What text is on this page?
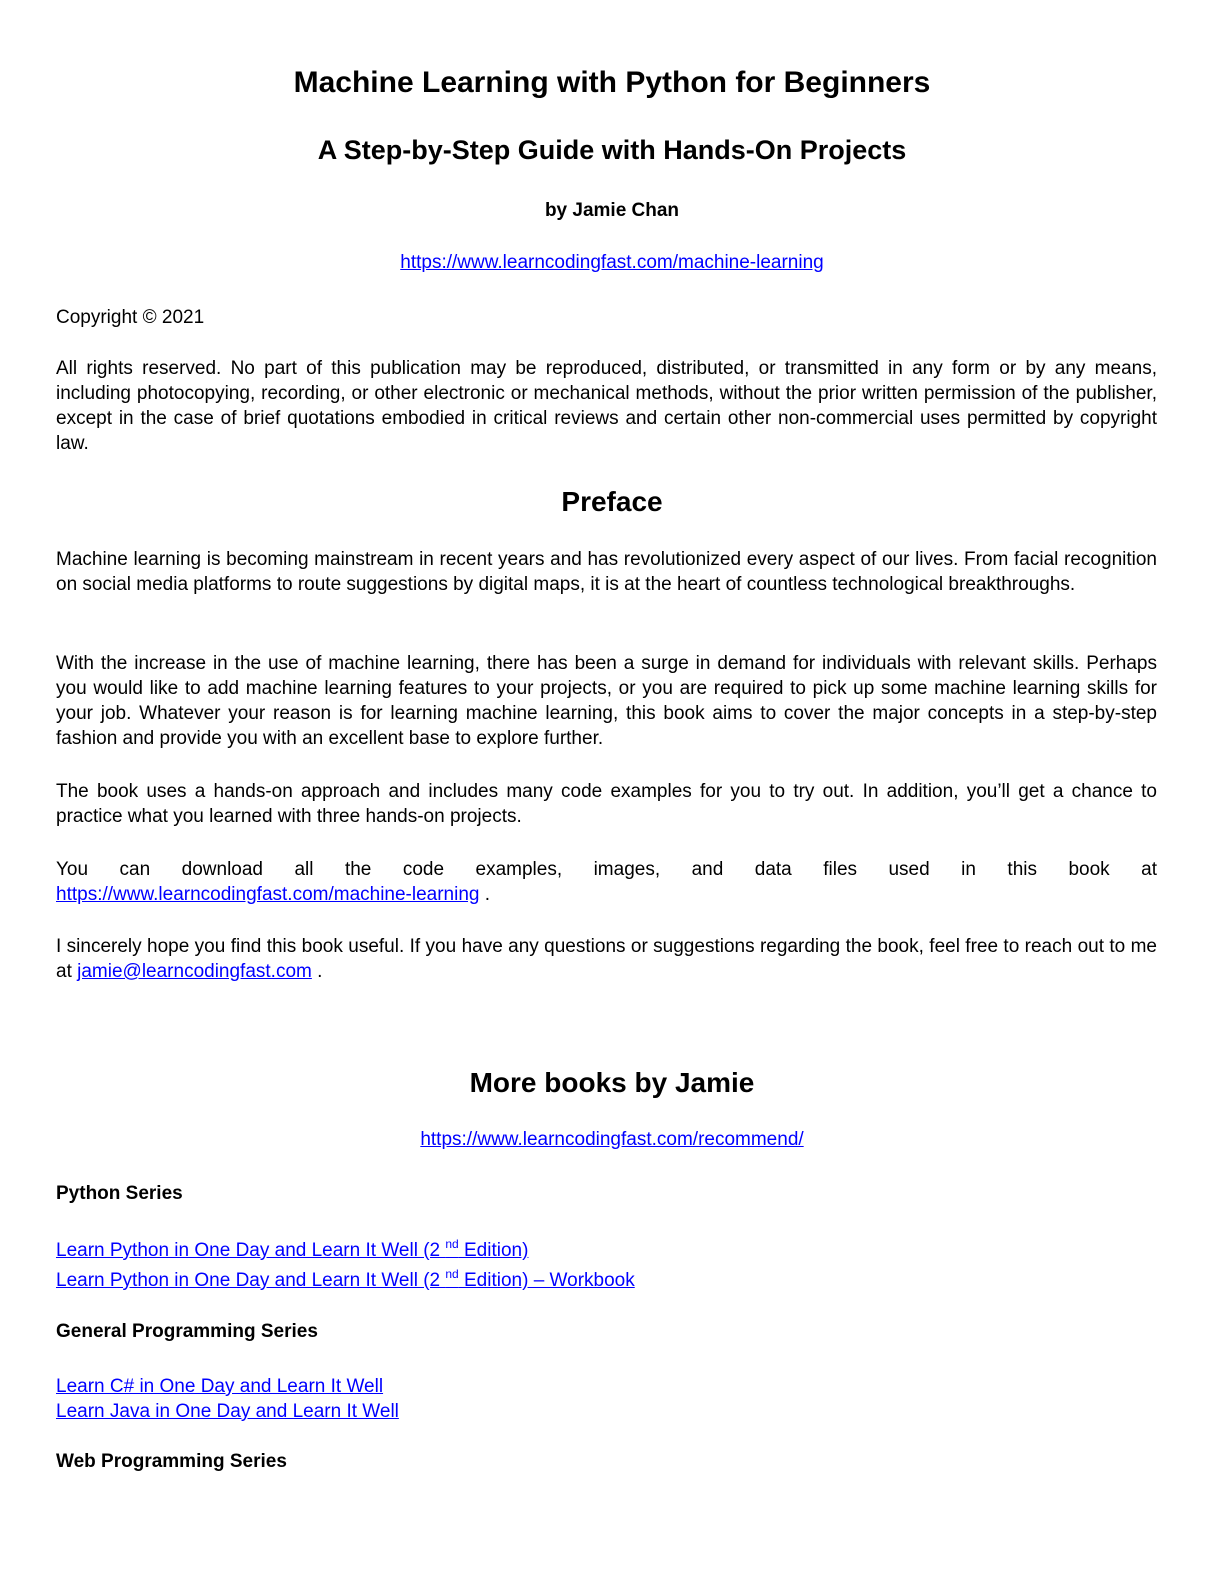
Machine Learning with Python for Beginners
A Step-by-Step Guide with Hands-On Projects
by Jamie Chan
https://www.learncodingfast.com/machine-learning
Copyright © 2021
All rights reserved. No part of this publication may be reproduced, distributed, or transmitted in any form or by any means, including photocopying, recording, or other electronic or mechanical methods, without the prior written permission of the publisher, except in the case of brief quotations embodied in critical reviews and certain other non-commercial uses permitted by copyright law.
Preface
Machine learning is becoming mainstream in recent years and has revolutionized every aspect of our lives. From facial recognition on social media platforms to route suggestions by digital maps, it is at the heart of countless technological breakthroughs.
With the increase in the use of machine learning, there has been a surge in demand for individuals with relevant skills. Perhaps you would like to add machine learning features to your projects, or you are required to pick up some machine learning skills for your job. Whatever your reason is for learning machine learning, this book aims to cover the major concepts in a step-by-step fashion and provide you with an excellent base to explore further.
The book uses a hands-on approach and includes many code examples for you to try out. In addition, you’ll get a chance to practice what you learned with three hands-on projects.
You can download all the code examples, images, and data files used in this book at
https://www.learncodingfast.com/machine-learning .
I sincerely hope you find this book useful. If you have any questions or suggestions regarding the book, feel free to reach out to me at jamie@learncodingfast.com .
More books by Jamie
https://www.learncodingfast.com/recommend/
Python Series
Learn Python in One Day and Learn It Well (2 $^{nd}$ Edition)
Learn Python in One Day and Learn It Well (2 $^{nd}$ Edition) – Workbook
General Programming Series
Learn C# in One Day and Learn It Well
Learn Java in One Day and Learn It Well
Web Programming Series
